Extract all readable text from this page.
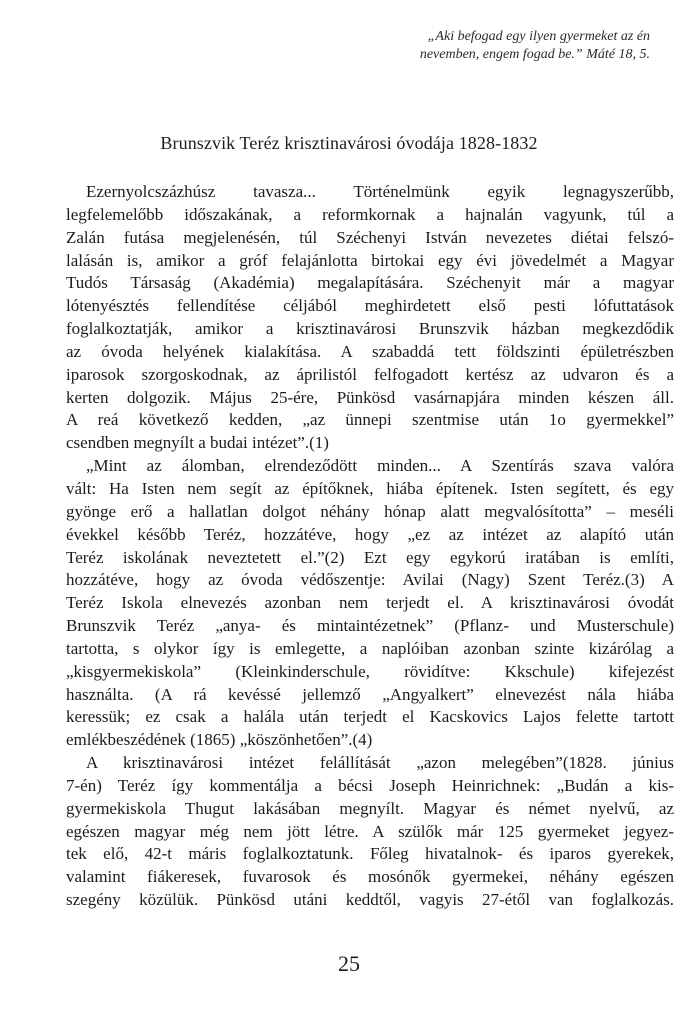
„Aki befogad egy ilyen gyermeket az én
nevemben, engem fogad be.” Máté 18, 5.
Brunszvik Teréz krisztinavárosi óvodája 1828-1832
Ezernyolcszázhúsz tavasza... Történelmünk egyik legnagyszerűbb,
legfelemelőbb időszakának, a reformkornak a hajnalán vagyunk, túl a
Zalán futása megjelenésén, túl Széchenyi István nevezetes diétai felszó-
lalásán is, amikor a gróf felajánlotta birtokai egy évi jövedelmét a Magyar
Tudós Társaság (Akadémia) megalapítására. Széchenyit már a magyar
lótenyésztés fellendítése céljából meghirdetett első pesti lófuttatások
foglalkoztatják, amikor a krisztinavárosi Brunszvik házban megkezdődik
az óvoda helyének kialakítása. A szabaddá tett földszinti épületrészben
iparosok szorgoskodnak, az áprilistól felfogadott kertész az udvaron és a
kerten dolgozik. Május 25-ére, Pünkösd vasárnapjára minden készen áll.
A reá következő kedden, „az ünnepi szentmise után 1o gyermekkel”
csendben megnyílt a budai intézet”.(1)
„Mint az álomban, elrendeződött minden... A Szentírás szava valóra
vált: Ha Isten nem segít az építőknek, hiába építenek. Isten segített, és egy
gyönge erő a hallatlan dolgot néhány hónap alatt megvalósította” – meséli
évekkel később Teréz, hozzátéve, hogy „ez az intézet az alapító után
Teréz iskolának neveztetett el.”(2) Ezt egy egykorú iratában is említi,
hozzátéve, hogy az óvoda védőszentje: Avilai (Nagy) Szent Teréz.(3) A
Teréz Iskola elnevezés azonban nem terjedt el. A krisztinavárosi óvodát
Brunszvik Teréz „anya- és mintaintézetnek” (Pflanz- und Musterschule)
tartotta, s olykor így is emlegette, a naplóiban azonban szinte kizárólag a
„kisgyermekiskola” (Kleinkinderschule, rövidítve: Kkschule) kifejezést
használta. (A rá kevéssé jellemző „Angyalkert” elnevezést nála hiába
keressük; ez csak a halála után terjedt el Kacskovics Lajos felette tartott
emlékbeszédének (1865) „köszönhetően”.(4)
A krisztinavárosi intézet felállítását „azon melegében”(1828. június
7-én) Teréz így kommentálja a bécsi Joseph Heinrichnek: „Budán a kis-
gyermekiskola Thugut lakásában megnyílt. Magyar és német nyelvű, az
egészen magyar még nem jött létre. A szülők már 125 gyermeket jegyez-
tek elő, 42-t máris foglalkoztatunk. Főleg hivatalnok- és iparos gyerekek,
valamint fiákeresek, fuvarosok és mosónők gyermekei, néhány egészen
szegény közülük. Pünkösd utáni keddtől, vagyis 27-étől van foglalkozás.
25
